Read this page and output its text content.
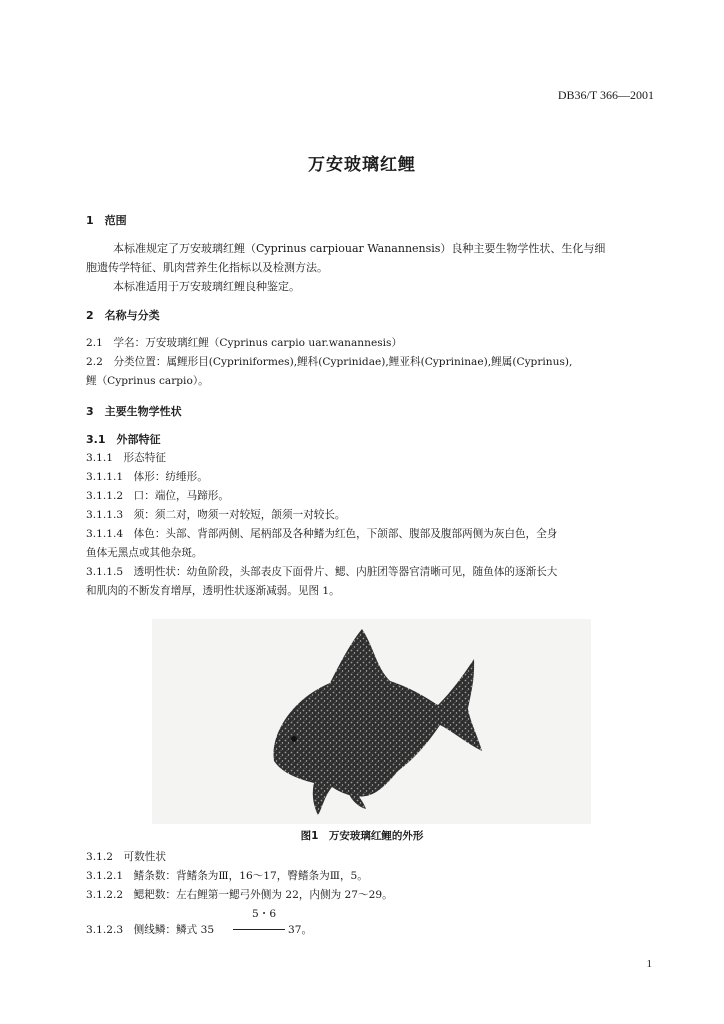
DB36/T 366—2001
万安玻璃红鲤
1　范围
本标准规定了万安玻璃红鲤（Cyprinus carpiouar Wanannensis）良种主要生物学性状、生化与细
胞遗传学特征、肌肉营养生化指标以及检测方法。
本标准适用于万安玻璃红鲤良种鉴定。
2　名称与分类
2.1　学名：万安玻璃红鲤（Cyprinus carpio uar.wanannesis）
2.2　分类位置：属鲤形目(Cypriniformes),鲤科(Cyprinidae),鲤亚科(Cyprininae),鲤属(Cyprinus),
鲤（Cyprinus carpio）。
3　主要生物学性状
3.1　外部特征
3.1.1　形态特征
3.1.1.1　体形：纺缍形。
3.1.1.2　口：端位，马蹄形。
3.1.1.3　须：须二对，吻须一对较短，颌须一对较长。
3.1.1.4　体色：头部、背部两侧、尾柄部及各种鳍为红色，下颌部、腹部及腹部两侧为灰白色，全身
鱼体无黑点或其他杂斑。
3.1.1.5　透明性状：幼鱼阶段，头部表皮下面骨片、鳃、内脏团等器官清晰可见，随鱼体的逐渐长大
和肌肉的不断发育增厚，透明性状逐渐减弱。见图 1。
图1　万安玻璃红鲤的外形
3.1.2　可数性状
3.1.2.1　鳍条数：背鳍条为Ⅲ，16～17，臀鳍条为Ⅲ，5。
3.1.2.2　鳃耙数：左右鲤第一鳃弓外侧为 22，内侧为 27～29。
5・6
3.1.2.3　侧线鳞：鳞式 35	37。
1
